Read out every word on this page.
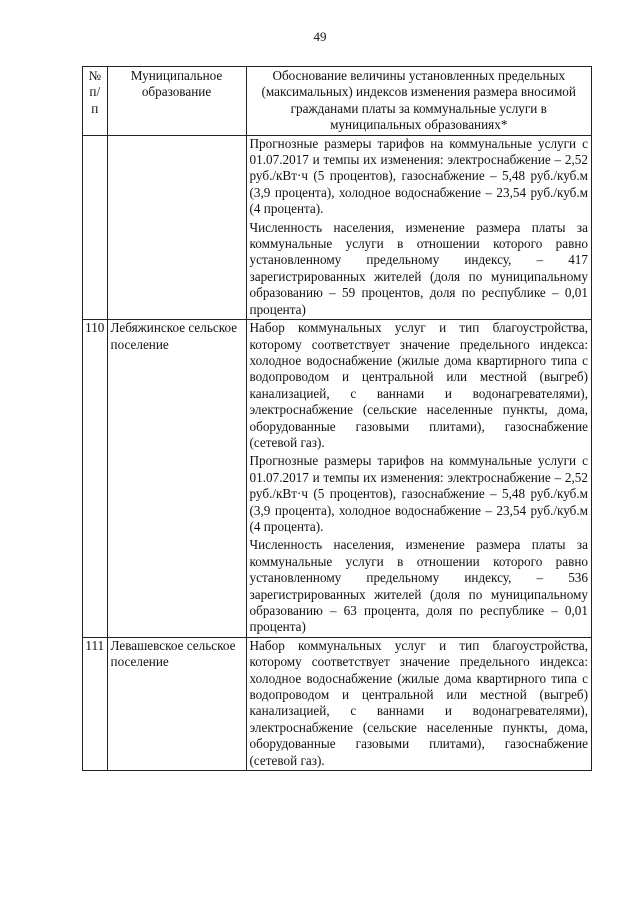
49
№ п/п	Муниципальное образование	Обоснование величины установленных предельных (максимальных) индексов изменения размера вносимой гражданами платы за коммунальные услуги в муниципальных образованиях*

		Прогнозные размеры тарифов на коммунальные услуги с 01.07.2017 и темпы их изменения: электроснабжение – 2,52 руб./кВт·ч (5 процентов), газоснабжение – 5,48 руб./куб.м (3,9 процента), холодное водоснабжение – 23,54 руб./куб.м (4 процента).

Численность населения, изменение размера платы за коммунальные услуги в отношении которого равно установленному предельному индексу, – 417 зарегистрированных жителей (доля по муниципальному образованию – 59 процентов, доля по республике – 0,01 процента)

110	Лебяжинское сельское поселение	Набор коммунальных услуг и тип благоустройства, которому соответствует значение предельного индекса: холодное водоснабжение (жилые дома квартирного типа с водопроводом и центральной или местной (выгреб) канализацией, с ваннами и водонагревателями), электроснабжение (сельские населенные пункты, дома, оборудованные газовыми плитами), газоснабжение (сетевой газ).

Прогнозные размеры тарифов на коммунальные услуги с 01.07.2017 и темпы их изменения: электроснабжение – 2,52 руб./кВт·ч (5 процентов), газоснабжение – 5,48 руб./куб.м (3,9 процента), холодное водоснабжение – 23,54 руб./куб.м (4 процента).

Численность населения, изменение размера платы за коммунальные услуги в отношении которого равно установленному предельному индексу, – 536 зарегистрированных жителей (доля по муниципальному образованию – 63 процента, доля по республике – 0,01 процента)

111	Левашевское сельское поселение	Набор коммунальных услуг и тип благоустройства, которому соответствует значение предельного индекса: холодное водоснабжение (жилые дома квартирного типа с водопроводом и центральной или местной (выгреб) канализацией, с ваннами и водонагревателями), электроснабжение (сельские населенные пункты, дома, оборудованные газовыми плитами), газоснабжение (сетевой газ).
